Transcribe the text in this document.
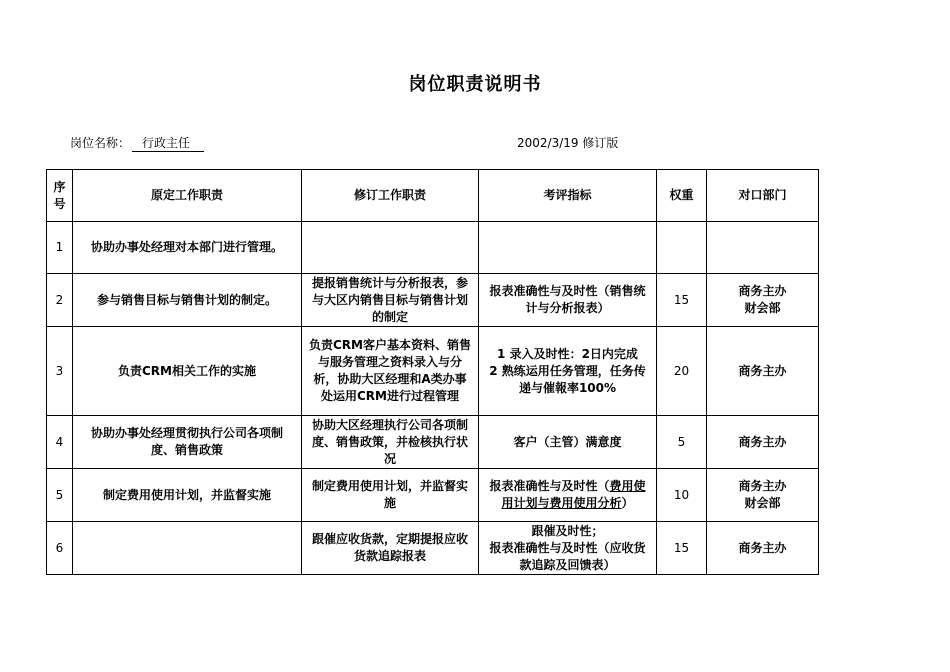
岗位职责说明书
岗位名称： 行政主任	2002/3/19 修订版
序号	原定工作职责	修订工作职责	考评指标	权重	对口部门
1	协助办事处经理对本部门进行管理。				
2	参与销售目标与销售计划的制定。	提报销售统计与分析报表，参与大区内销售目标与销售计划的制定	报表准确性与及时性（销售统计与分析报表）	15	商务主办
财会部
3	负责CRM相关工作的实施	负责CRM客户基本资料、销售与服务管理之资料录入与分析，协助大区经理和A类办事处运用CRM进行过程管理	1 录入及时性：2日内完成
2 熟练运用任务管理，任务传递与催報率100%	20	商务主办
4	协助办事处经理贯彻执行公司各项制度、销售政策	协助大区经理执行公司各项制度、销售政策，并检核执行状况	客户（主管）满意度	5	商务主办
5	制定费用使用计划，并监督实施	制定费用使用计划，并监督实施	报表准确性与及时性（费用使用计划与费用使用分析）	10	商务主办
财会部
6		跟催应收货款，定期提报应收货款追踪报表	跟催及时性；
报表准确性与及时性（应收货款追踪及回馈表）	15	商务主办
